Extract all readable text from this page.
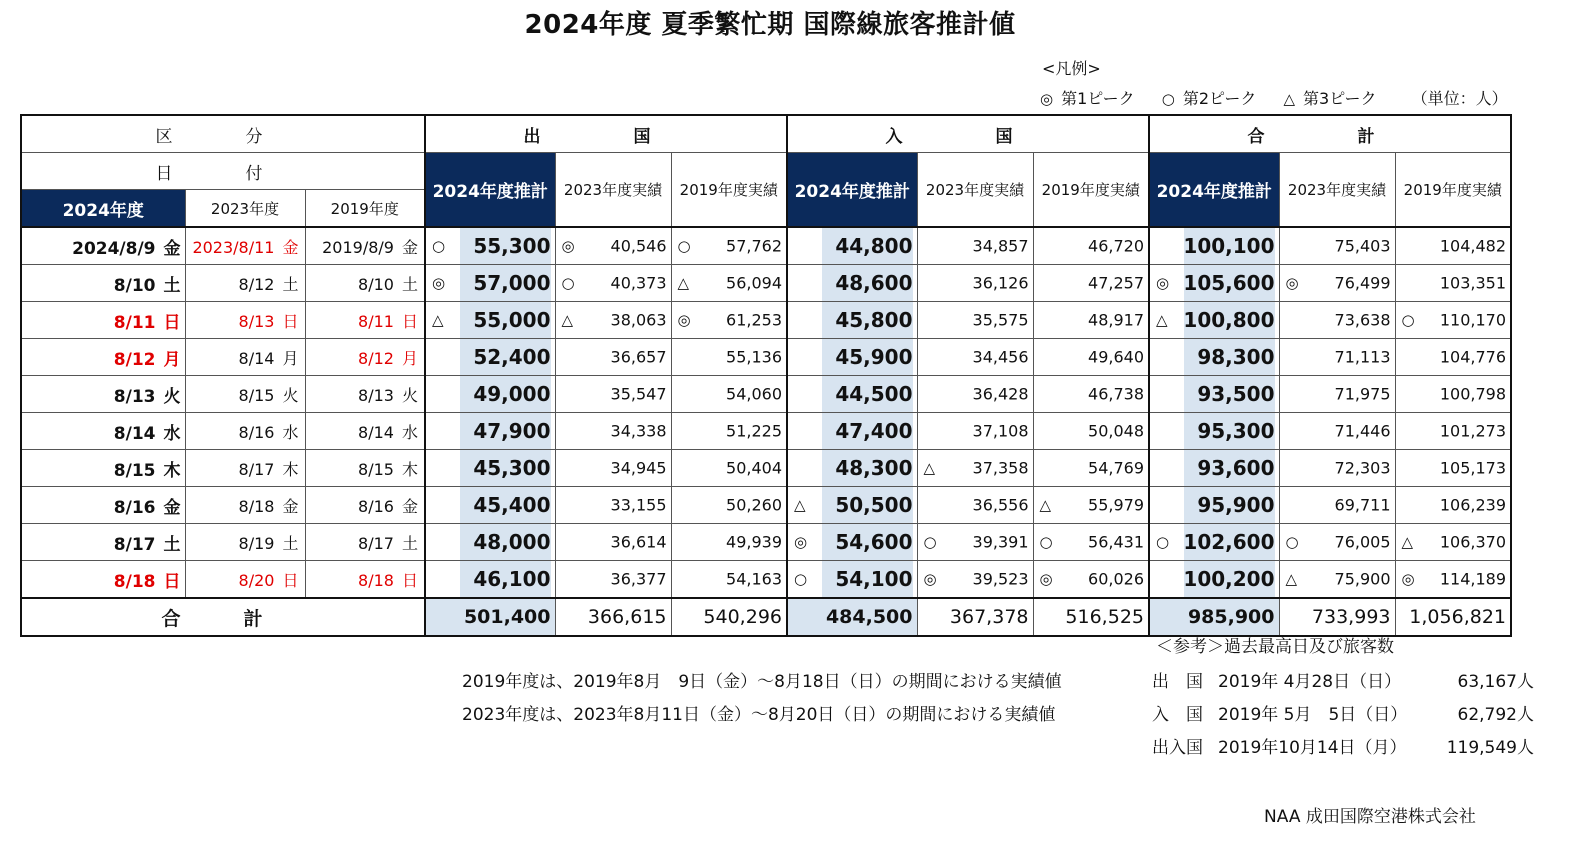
2024年度 夏季繁忙期 国際線旅客推計値
<凡例>
◎ 第1ピーク ○ 第2ピーク △ 第3ピーク （単位：人）
区　分			出　国			入　国			合　計		
日　付			2024年度推計	2023年度実績	2019年度実績	2024年度推計	2023年度実績	2019年度実績	2024年度推計	2023年度実績	2019年度実績
2024年度	2023年度	2019年度									
2024/8/9 金	2023/8/11 金	2019/8/9 金	○ 55,300	◎ 40,546	○ 57,762	44,800	34,857	46,720	100,100	75,403	104,482

8/10 土	8/12 土	8/10 土	◎ 57,000	○ 40,373	△ 56,094	48,600	36,126	47,257	◎ 105,600	◎ 76,499	103,351

8/11 日	8/13 日	8/11 日	△ 55,000	△ 38,063	◎ 61,253	45,800	35,575	48,917	△ 100,800	73,638	○ 110,170

8/12 月	8/14 月	8/12 月	52,400	36,657	55,136	45,900	34,456	49,640	98,300	71,113	104,776

8/13 火	8/15 火	8/13 火	49,000	35,547	54,060	44,500	36,428	46,738	93,500	71,975	100,798

8/14 水	8/16 水	8/14 水	47,900	34,338	51,225	47,400	37,108	50,048	95,300	71,446	101,273

8/15 木	8/17 木	8/15 木	45,300	34,945	50,404	48,300	△ 37,358	54,769	93,600	72,303	105,173

8/16 金	8/18 金	8/16 金	45,400	33,155	50,260	△ 50,500	36,556	△ 55,979	95,900	69,711	106,239

8/17 土	8/19 土	8/17 土	48,000	36,614	49,939	◎ 54,600	○ 39,391	○ 56,431	○ 102,600	○ 76,005	△ 106,370

8/18 日	8/20 日	8/18 日	46,100	36,377	54,163	○ 54,100	◎ 39,523	◎ 60,026	100,200	△ 75,900	◎ 114,189

合　計			501,400	366,615	540,296	484,500	367,378	516,525	985,900	733,993	1,056,821
＜参考＞過去最高日及び旅客数
2019年度は、2019年8月　9日（金）～8月18日（日）の期間における実績値
2023年度は、2023年8月11日（金）～8月20日（日）の期間における実績値
出　国 2019年 4月28日（日）	63,167人
入　国 2019年 5月　5日（日）	62,792人
出入国 2019年10月14日（月） 119,549人
NAA 成田国際空港株式会社
